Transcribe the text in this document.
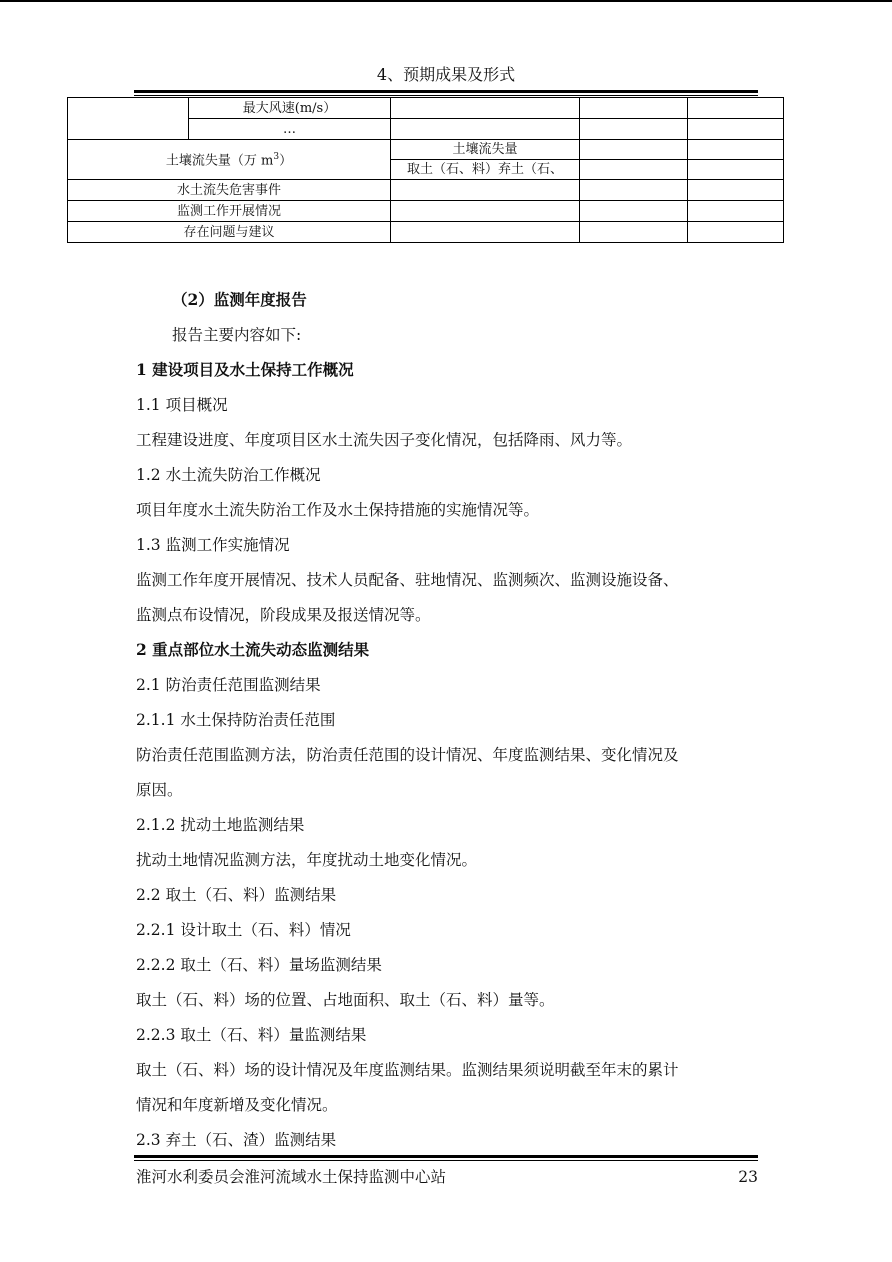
4、预期成果及形式
	最大风速(m/s）			
	…			
土壤流失量（万 $m^3$）		土壤流失量		
		取土（石、料）弃土（石、		
水土流失危害事件				
监测工作开展情况				
存在问题与建议				
（2）监测年度报告
报告主要内容如下:
1 建设项目及水土保持工作概况
1.1 项目概况
工程建设进度、年度项目区水土流失因子变化情况，包括降雨、风力等。
1.2 水土流失防治工作概况
项目年度水土流失防治工作及水土保持措施的实施情况等。
1.3 监测工作实施情况
监测工作年度开展情况、技术人员配备、驻地情况、监测频次、监测设施设备、
监测点布设情况，阶段成果及报送情况等。
2 重点部位水土流失动态监测结果
2.1 防治责任范围监测结果
2.1.1 水土保持防治责任范围
防治责任范围监测方法，防治责任范围的设计情况、年度监测结果、变化情况及
原因。
2.1.2 扰动土地监测结果
扰动土地情况监测方法，年度扰动土地变化情况。
2.2 取土（石、料）监测结果
2.2.1 设计取土（石、料）情况
2.2.2 取土（石、料）量场监测结果
取土（石、料）场的位置、占地面积、取土（石、料）量等。
2.2.3 取土（石、料）量监测结果
取土（石、料）场的设计情况及年度监测结果。监测结果须说明截至年末的累计
情况和年度新增及变化情况。
2.3 弃土（石、渣）监测结果
淮河水利委员会淮河流域水土保持监测中心站	23
